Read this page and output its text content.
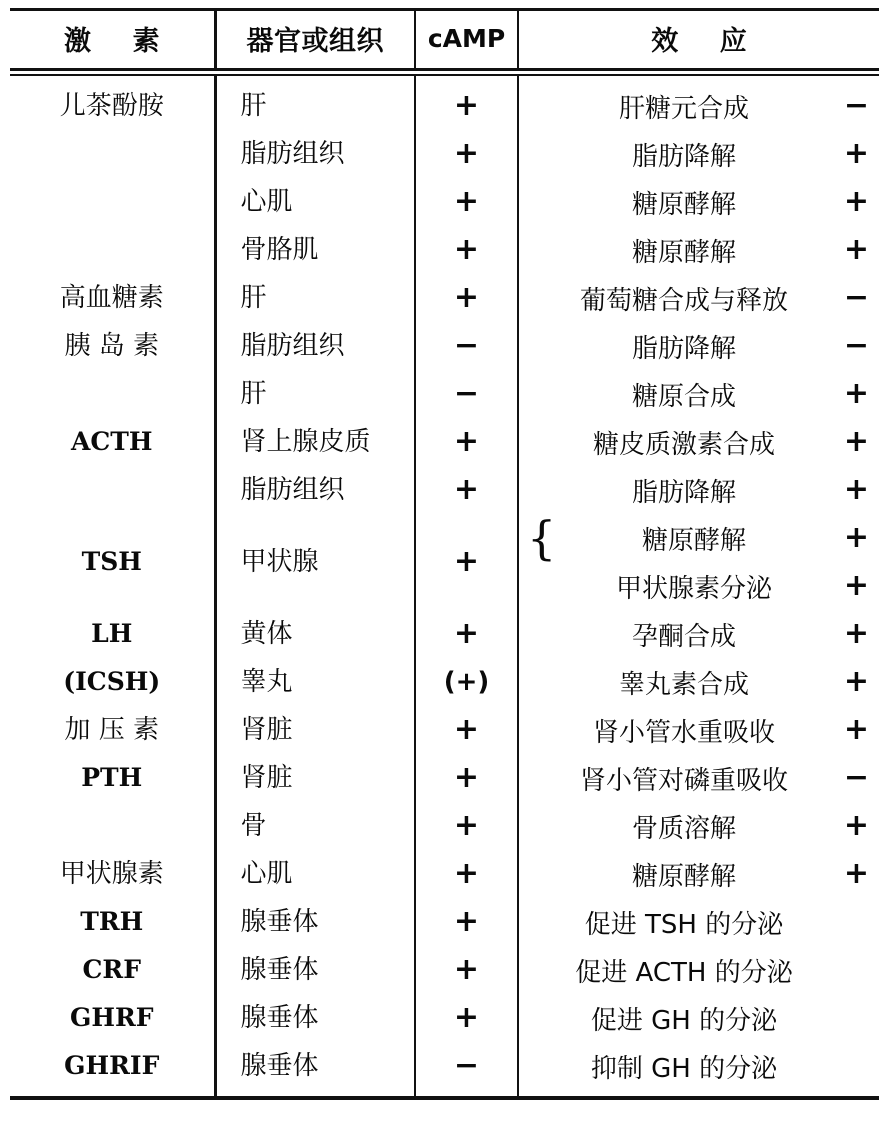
激 素	器官或组织	cAMP	效 应

儿茶酚胺	肝	+	肝糖元合成 −

	脂肪组织	+	脂肪降解 +

	心肌	+	糖原酵解 +

	骨胳肌	+	糖原酵解 +

高血糖素	肝	+	葡萄糖合成与释放 −

胰 岛 素	脂肪组织	−	脂肪降解 −

	肝	−	糖原合成 +

ACTH	肾上腺皮质	+	糖皮质激素合成 +

	脂肪组织	+	脂肪降解 +

TSH	甲状腺	+	{ 糖原酵解 +

			甲状腺素分泌 +

LH	黄体	+	孕酮合成 +

(ICSH)	睾丸	(+)	睾丸素合成 +

加 压 素	肾脏	+	肾小管水重吸收 +

PTH	肾脏	+	肾小管对磷重吸收 −

	骨	+	骨质溶解 +

甲状腺素	心肌	+	糖原酵解 +

TRH	腺垂体	+	促进 TSH 的分泌

CRF	腺垂体	+	促进 ACTH 的分泌

GHRF	腺垂体	+	促进 GH 的分泌

GHRIF	腺垂体	−	抑制 GH 的分泌
